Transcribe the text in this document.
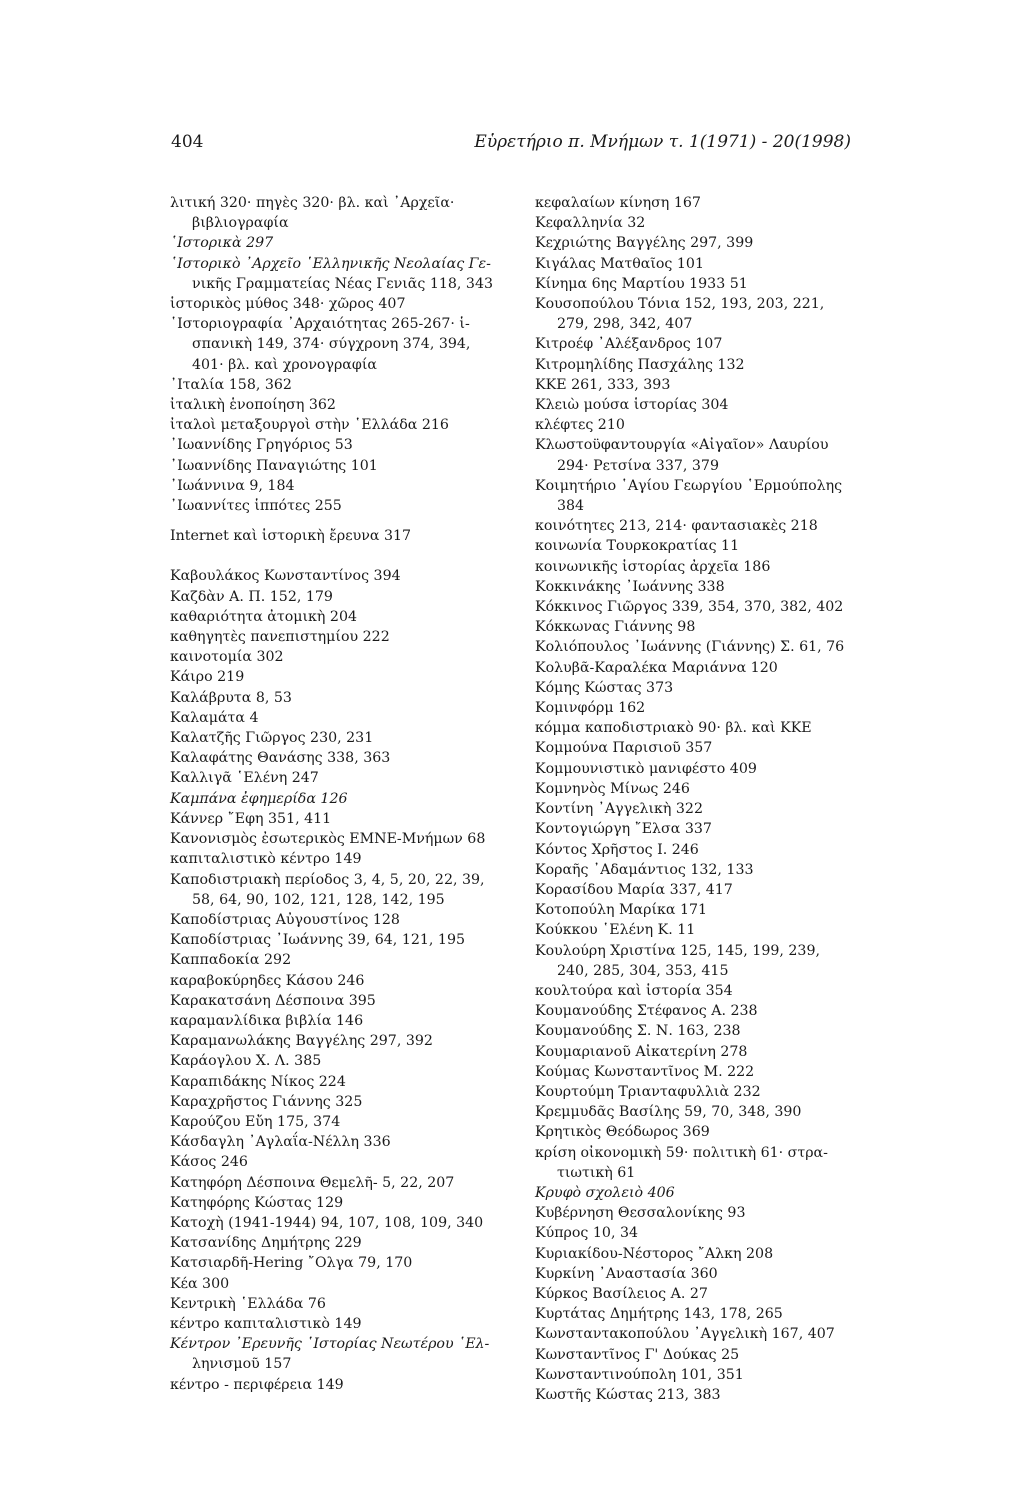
404	Εὑρετήριο π. Μνήμων τ. 1(1971) - 20(1998)
λιτική 320· πηγὲς 320· βλ. καὶ ᾿Αρχεῖα·
βιβλιογραφία
῾Ιστορικὰ 297
῾Ιστορικὸ ᾿Αρχεῖο ῾Ελληνικῆς Νεολαίας Γε-
νικῆς Γραμματείας Νέας Γενιᾶς 118, 343
ἱστορικὸς μύθος 348· χῶρος 407
῾Ιστοριογραφία ᾿Αρχαιότητας 265-267· ἱ-
σπανικὴ 149, 374· σύγχρονη 374, 394,
401· βλ. καὶ χρονογραφία
᾿Ιταλία 158, 362
ἰταλικὴ ἑνοποίηση 362
ἰταλοὶ μεταξουργοὶ στὴν ῾Ελλάδα 216
᾿Ιωαννίδης Γρηγόριος 53
᾿Ιωαννίδης Παναγιώτης 101
᾿Ιωάννινα 9, 184
᾿Ιωαννίτες ἱππότες 255
Internet καὶ ἱστορικὴ ἔρευνα 317
Καβουλάκος Κωνσταντίνος 394
Καζδὰν Α. Π. 152, 179
καθαριότητα ἀτομικὴ 204
καθηγητὲς πανεπιστημίου 222
καινοτομία 302
Κάιρο 219
Καλάβρυτα 8, 53
Καλαμάτα 4
Καλατζῆς Γιῶργος 230, 231
Καλαφάτης Θανάσης 338, 363
Καλλιγᾶ ῾Ελένη 247
Καμπάνα ἐφημερίδα 126
Κάννερ ῎Εφη 351, 411
Κανονισμὸς ἐσωτερικὸς ΕΜΝΕ-Μνήμων 68
καπιταλιστικὸ κέντρο 149
Καποδιστριακὴ περίοδος 3, 4, 5, 20, 22, 39,
58, 64, 90, 102, 121, 128, 142, 195
Καποδίστριας Αὐγουστίνος 128
Καποδίστριας ᾿Ιωάννης 39, 64, 121, 195
Καππαδοκία 292
καραβοκύρηδες Κάσου 246
Καρακατσάνη Δέσποινα 395
καραμανλίδικα βιβλία 146
Καραμανωλάκης Βαγγέλης 297, 392
Καράογλου Χ. Λ. 385
Καραπιδάκης Νίκος 224
Καραχρῆστος Γιάννης 325
Καρούζου Εὔη 175, 374
Κάσδαγλη ᾿Αγλαΐα-Νέλλη 336
Κάσος 246
Κατηφόρη Δέσποινα Θεμελῆ- 5, 22, 207
Κατηφόρης Κώστας 129
Κατοχὴ (1941-1944) 94, 107, 108, 109, 340
Κατσανίδης Δημήτρης 229
Κατσιαρδῆ-Hering ῎Ολγα 79, 170
Κέα 300
Κεντρικὴ ῾Ελλάδα 76
κέντρο καπιταλιστικὸ 149
Κέντρον ᾿Ερευνῆς ῾Ιστορίας Νεωτέρου ῾Ελ-
ληνισμοῦ 157
κέντρο - περιφέρεια 149
κεφαλαίων κίνηση 167
Κεφαλληνία 32
Κεχριώτης Βαγγέλης 297, 399
Κιγάλας Ματθαῖος 101
Κίνημα 6ης Μαρτίου 1933 51
Κουσοπούλου Τόνια 152, 193, 203, 221,
279, 298, 342, 407
Κιτροέφ ᾿Αλέξανδρος 107
Κιτρομηλίδης Πασχάλης 132
ΚΚΕ 261, 333, 393
Κλειὼ μούσα ἱστορίας 304
κλέφτες 210
Κλωστοϋφαντουργία «Αἰγαῖον» Λαυρίου
294· Ρετσίνα 337, 379
Κοιμητήριο ῾Αγίου Γεωργίου ῾Ερμούπολης
384
κοινότητες 213, 214· φαντασιακὲς 218
κοινωνία Τουρκοκρατίας 11
κοινωνικῆς ἱστορίας ἀρχεῖα 186
Κοκκινάκης ᾿Ιωάννης 338
Κόκκινος Γιῶργος 339, 354, 370, 382, 402
Κόκκωνας Γιάννης 98
Κολιόπουλος ᾿Ιωάννης (Γιάννης) Σ. 61, 76
Κολυβᾶ-Καραλέκα Μαριάννα 120
Κόμης Κώστας 373
Κομινφόρμ 162
κόμμα καποδιστριακὸ 90· βλ. καὶ ΚΚΕ
Κομμούνα Παρισιοῦ 357
Κομμουνιστικὸ μανιφέστο 409
Κομνηνὸς Μίνως 246
Κοντίνη ᾿Αγγελικὴ 322
Κοντογιώργη ῎Ελσα 337
Κόντος Χρῆστος Ι. 246
Κοραῆς ᾿Αδαμάντιος 132, 133
Κορασίδου Μαρία 337, 417
Κοτοπούλη Μαρίκα 171
Κούκκου ῾Ελένη Κ. 11
Κουλούρη Χριστίνα 125, 145, 199, 239,
240, 285, 304, 353, 415
κουλτούρα καὶ ἱστορία 354
Κουμανούδης Στέφανος Α. 238
Κουμανούδης Σ. Ν. 163, 238
Κουμαριανοῦ Αἰκατερίνη 278
Κούμας Κωνσταντῖνος Μ. 222
Κουρτούμη Τριανταφυλλιὰ 232
Κρεμμυδᾶς Βασίλης 59, 70, 348, 390
Κρητικὸς Θεόδωρος 369
κρίση οἰκονομικὴ 59· πολιτικὴ 61· στρα-
τιωτικὴ 61
Κρυφὸ σχολειὸ 406
Κυβέρνηση Θεσσαλονίκης 93
Κύπρος 10, 34
Κυριακίδου-Νέστορος ῎Αλκη 208
Κυρκίνη ᾿Αναστασία 360
Κύρκος Βασίλειος Α. 27
Κυρτάτας Δημήτρης 143, 178, 265
Κωνσταντακοπούλου ᾿Αγγελικὴ 167, 407
Κωνσταντῖνος Γ' Δούκας 25
Κωνσταντινούπολη 101, 351
Κωστῆς Κώστας 213, 383
